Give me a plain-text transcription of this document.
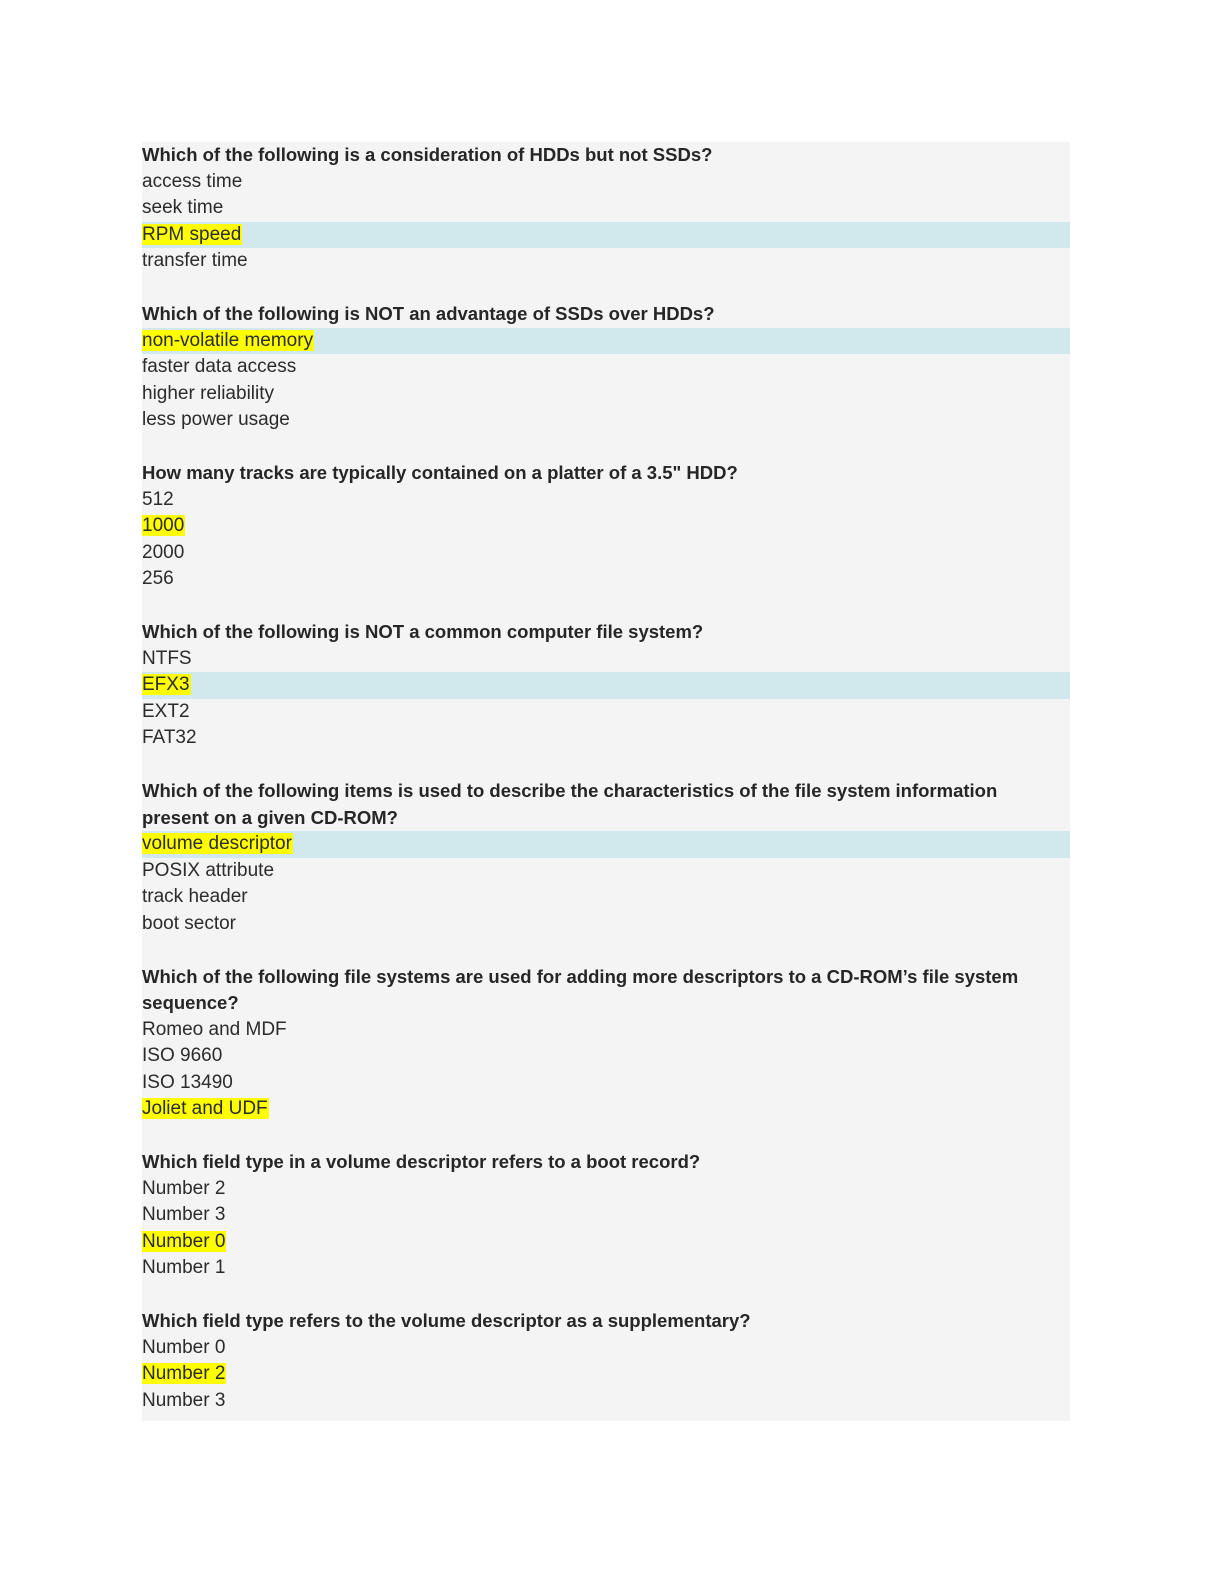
Which of the following is a consideration of HDDs but not SSDs?
access time
seek time
RPM speed
transfer time
Which of the following is NOT an advantage of SSDs over HDDs?
non-volatile memory
faster data access
higher reliability
less power usage
How many tracks are typically contained on a platter of a 3.5" HDD?
512
1000
2000
256
Which of the following is NOT a common computer file system?
NTFS
EFX3
EXT2
FAT32
Which of the following items is used to describe the characteristics of the file system information
present on a given CD-ROM?
volume descriptor
POSIX attribute
track header
boot sector
Which of the following file systems are used for adding more descriptors to a CD-ROM’s file system
sequence?
Romeo and MDF
ISO 9660
ISO 13490
Joliet and UDF
Which field type in a volume descriptor refers to a boot record?
Number 2
Number 3
Number 0
Number 1
Which field type refers to the volume descriptor as a supplementary?
Number 0
Number 2
Number 3
